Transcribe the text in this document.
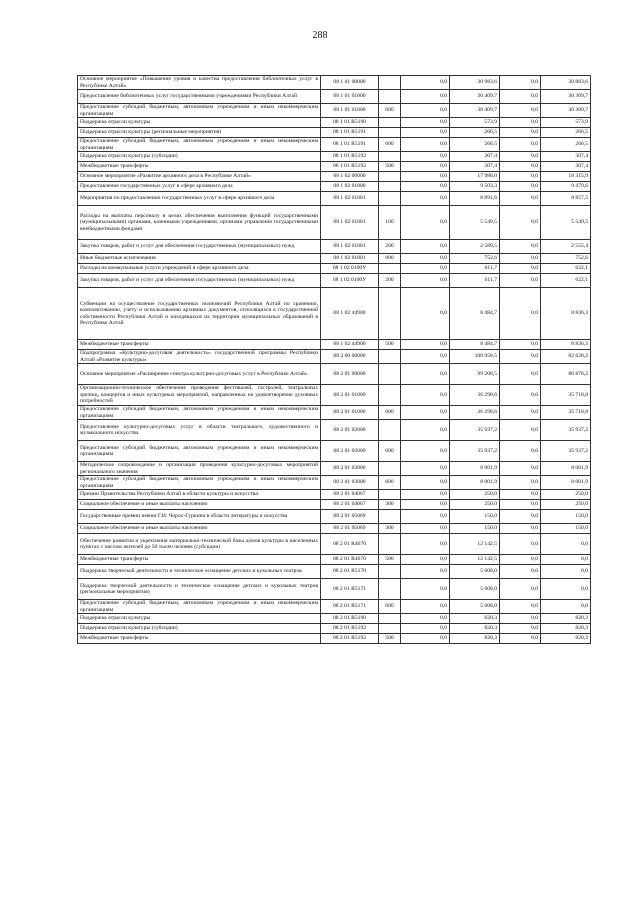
288
Основное мероприятие «Повышение уровня и качества предоставления библиотечных услуг в Республике Алтай»	08 1 01 00000		0,0	30 983,6	0,0	30 883,6
Предоставление библиотечных услуг государственными учреждениями Республики Алтай	08 1 01 01000		0,0	30 409,7	0,0	30 309,7
Предоставление субсидий бюджетным, автономным учреждениям и иным некоммерческим организациям	08 1 01 01000	600	0,0	30 409,7	0,0	30 309,7
Поддержка отрасли культуры	08 1 01 R5190		0,0	573,9	0,0	573,9
Поддержка отрасли культуры (региональные мероприятия)	08 1 01 R5191		0,0	266,5	0,0	266,5
Предоставление субсидий бюджетным, автономным учреждениям и иным некоммерческим организациям	08 1 01 R5191	600	0,0	266,5	0,0	266,5
Поддержка отрасли культуры (субсидии)	08 1 01 R5192		0,0	307,4	0,0	307,4
Межбюджетные трансферты	08 1 01 R5192	500	0,0	307,4	0,0	307,4
Основное мероприятие «Развитие архивного дела в Республике Алтай»	08 1 02 00000		0,0	17 988,0	0,0	18 315,9
Предоставление государственных услуг в сфере архивного дела	08 1 02 01000		0,0	9 503,3	0,0	9 479,6
Мероприятия по предоставлению государственных услуг в сфере архивного дела	08 1 02 01001		0,0	8 891,6	0,0	8 857,5
Расходы на выплаты персоналу в целях обеспечения выполнения функций государственными (муниципальными) органами, казенными учреждениями, органами управления государственными внебюджетными фондами	08 1 02 01001	100	0,0	5 549,5	0,0	5 549,5
Закупка товаров, работ и услуг для обеспечения государственных (муниципальных) нужд	08 1 02 01001	200	0,0	2 589,5	0,0	2 555,4
Иные бюджетные ассигнования	08 1 02 01001	800	0,0	752,6	0,0	752,6
Расходы на коммунальные услуги учреждений в сфере архивного дела	08 1 02 0100У		0,0	611,7	0,0	622,1
Закупка товаров, работ и услуг для обеспечения государственных (муниципальных) нужд	08 1 02 0100У	200	0,0	611,7	0,0	622,1
Субвенции на осуществление государственных полномочий Республики Алтай по хранению, комплектованию, учету и использованию архивных документов, относящихся к государственной собственности Республики Алтай и находящихся на территории муниципальных образований в Республике Алтай	08 1 02 44900		0,0	8 484,7	0,0	8 836,3
Межбюджетные трансферты	08 1 02 44900	500	0,0	8 484,7	0,0	8 836,3
Подпрограмма «Культурно-досуговая деятельность» государственной программы Республики Алтай «Развитие культуры»	08 2 00 00000		0,0	100 958,5	0,0	82 628,2
Основное мероприятие «Расширение спектра культурно-досуговых услуг в Республике Алтай»	08 2 01 00000		0,0	99 208,5	0,0	80 878,2
Организационно-техническое обеспечение проведения фестивалей, гастролей, театральных зрелищ, концертов и иных культурных мероприятий, направленных на удовлетворение духовных потребностей	08 2 01 01000		0,0	36 298,6	0,0	35 718,8
Предоставление субсидий бюджетным, автономным учреждениям и иным некоммерческим организациям	08 2 01 01000	600	0,0	36 298,6	0,0	35 718,8
Предоставление культурно-досуговых услуг в области театрального, художественного и музыкального искусства	08 2 01 02000		0,0	35 937,2	0,0	35 937,2
Предоставление субсидий бюджетным, автономным учреждениям и иным некоммерческим организациям	08 2 01 02000	600	0,0	35 937,2	0,0	35 937,2
Методическое сопровождение и организация проведения культурно-досуговых мероприятий регионального значения	08 2 01 03000		0,0	8 001,9	0,0	8 001,9
Предоставление субсидий бюджетным, автономным учреждениям и иным некоммерческим организациям	08 2 01 03000	600	0,0	8 001,9	0,0	8 001,9
Премии Правительства Республики Алтай в области культуры и искусства	08 2 01 04067		0,0	250,0	0,0	250,0
Социальное обеспечение и иные выплаты населению	08 2 01 04067	300	0,0	250,0	0,0	250,0
Государственные премии имени Г.И. Чорос-Гуркина в области литературы и искусства	08 2 01 05069		0,0	150,0	0,0	150,0
Социальное обеспечение и иные выплаты населению	08 2 01 05069	300	0,0	150,0	0,0	150,0
Обеспечение развития и укрепления материально-технической базы домов культуры в населенных пунктах с числом жителей до 50 тысяч человек (субсидии)	08 2 01 R4670		0,0	12 142,5	0,0	0,0
Межбюджетные трансферты	08 2 01 R4670	500	0,0	12 142,5	0,0	0,0
Поддержка творческой деятельности и техническое оснащение детских и кукольных театров	08 2 01 R5170		0,0	5 608,0	0,0	0,0
Поддержка творческой деятельности и техническое оснащение детских и кукольных театров (региональные мероприятия)	08 2 01 R5171		0,0	5 608,0	0,0	0,0
Предоставление субсидий бюджетным, автономным учреждениям и иным некоммерческим организациям	08 2 01 R5171	600	0,0	5 608,0	0,0	0,0
Поддержка отрасли культуры	08 2 01 R5190		0,0	820,3	0,0	820,3
Поддержка отрасли культуры (субсидии)	08 2 01 R5192		0,0	820,3	0,0	820,3
Межбюджетные трансферты	08 2 01 R5192	500	0,0	820,3	0,0	820,3
